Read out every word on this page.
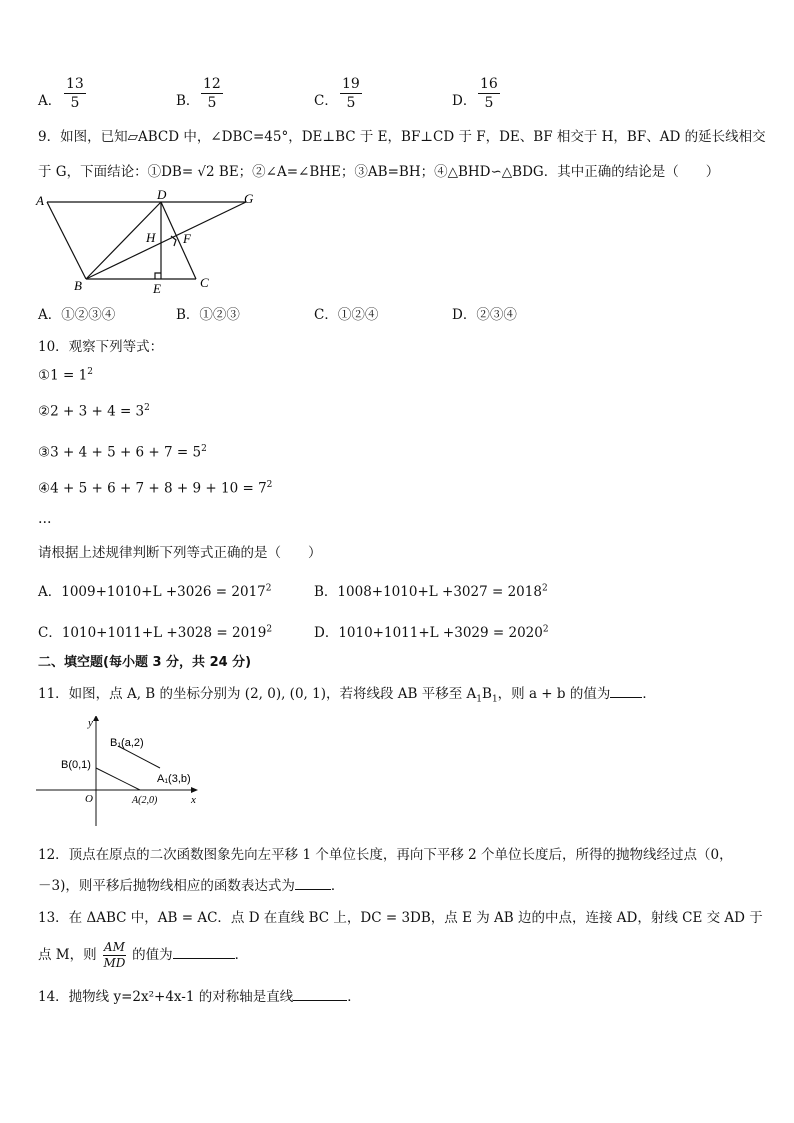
A． $\frac{13}{5}$	B． $\frac{12}{5}$	C． $\frac{19}{5}$	D． $\frac{16}{5}$
9．如图，已知▱ABCD 中，∠DBC=45°，DE⊥BC 于 E，BF⊥CD 于 F，DE、BF 相交于 H，BF、AD 的延长线相交
于 G，下面结论：①DB= √2 BE；②∠A=∠BHE；③AB=BH；④△BHD∽△BDG．其中正确的结论是（　　）
A	D	G
H F
B	E	C
A．①②③④	B．①②③	C．①②④	D．②③④
10．观察下列等式：
①1 = $1^2$
②2 + $3 + 4 = 3^2$
③3 + $4 + 5 + 6 + 7 = 5^2$
④4 + $5 + 6 + 7 + 8 + 9 + 10 = 7^2$
…
请根据上述规律判断下列等式正确的是（　　）
A．$1009+1010+L +3026 = 2017^2$	B．$1008+1010+L +3027 = 2018^2$
C．$1010+1011+L +3028 = 2019^2$	D．$1010+1011+L +3029 = 2020^2$
二、填空题(每小题 3 分，共 24 分)
11．如图，点 A, B 的坐标分别为 (2, 0), (0, 1)，若将线段 AB 平移至 $A_1B_1$，则 a + b 的值为 ．
y
x
O
B(0,1)
A(2,0)
B₁(a,2)
A₁(3,b)
12．顶点在原点的二次函数图象先向左平移 1 个单位长度，再向下平移 2 个单位长度后，所得的抛物线经过点（0，
－3)，则平移后抛物线相应的函数表达式为	．
13．在 ΔABC 中，AB = AC．点 D 在直线 BC 上，DC = 3DB，点 E 为 AB 边的中点，连接 AD，射线 CE 交 AD 于
点 M，则 $\frac{AM}{MD}$ 的值为	．
14．抛物线 y=2x²+4x-1 的对称轴是直线	．
